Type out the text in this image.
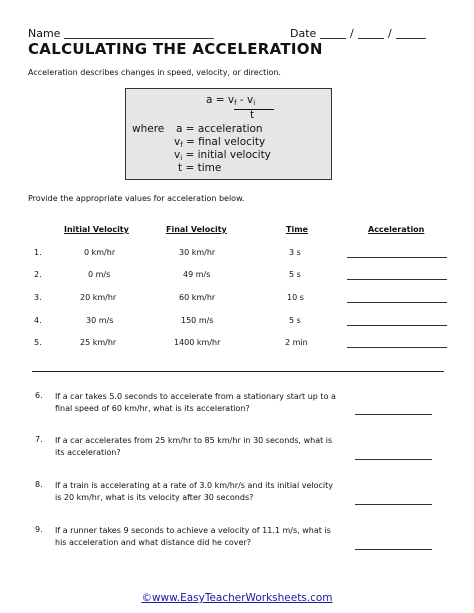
Name	Date	/	/
CALCULATING THE ACCELERATION
Acceleration describes changes in speed, velocity, or direction.
$a = v_f - v_i$
t
where a = acceleration
$v_f$ = final velocity
$v_i$ = initial velocity
t = time
Provide the appropriate values for acceleration below.
Initial Velocity	Final Velocity	Time	Acceleration
1.	0 km/hr	30 km/hr	3 s
2.	0 m/s	49 m/s	5 s
3.	20 km/hr	60 km/hr	10 s
4.	30 m/s	150 m/s	5 s
5.	25 km/hr	1400 km/hr	2 min
6. If a car takes 5.0 seconds to accelerate from a stationary start up to a final speed of 60 km/hr, what is its acceleration?
7. If a car accelerates from 25 km/hr to 85 km/hr in 30 seconds, what is its acceleration?
8. If a train is accelerating at a rate of 3.0 km/hr/s and its initial velocity is 20 km/hr, what is its velocity after 30 seconds?
9. If a runner takes 9 seconds to achieve a velocity of 11.1 m/s, what is his acceleration and what distance did he cover?
©www.EasyTeacherWorksheets.com
